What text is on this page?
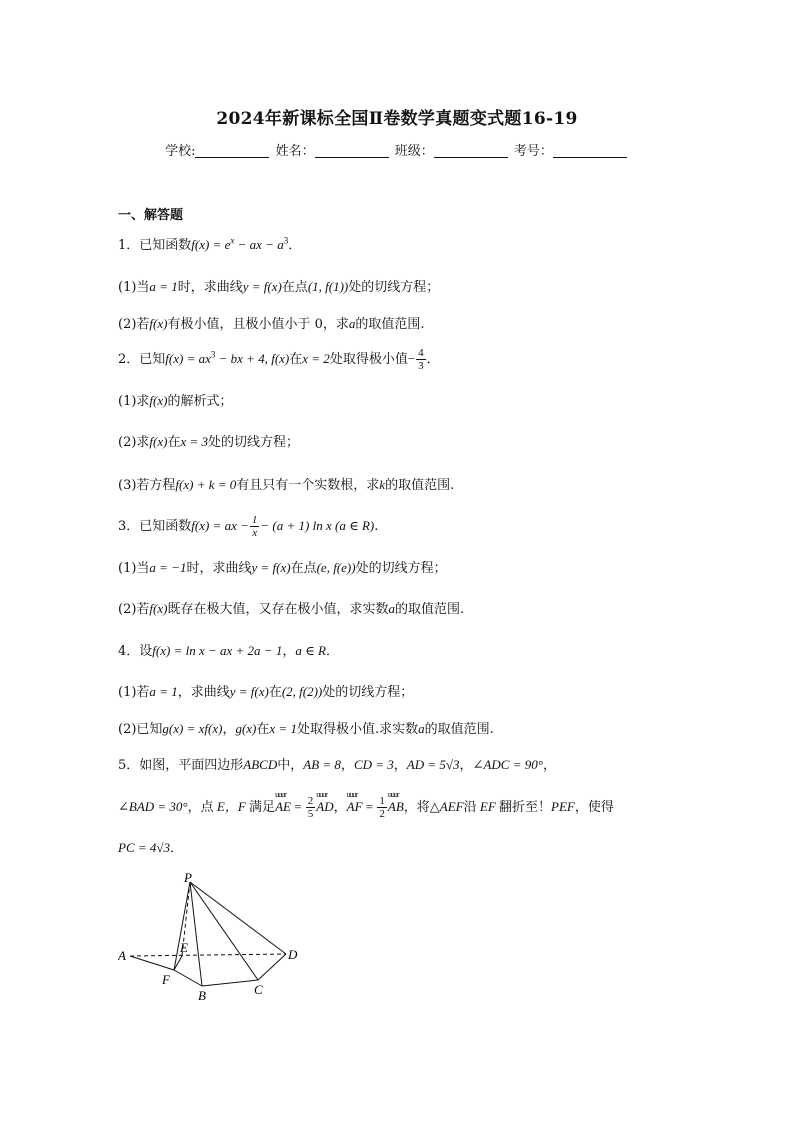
2024年新课标全国Ⅱ卷数学真题变式题16-19
学校:	姓名：	班级：	考号：
一、解答题
1．已知函数$f(x) = e^x$ − ax − $a^3$．
(1)当a = 1时，求曲线y = f(x)在点(1, f(1))处的切线方程；
(2)若f(x)有极小值，且极小值小于 0，求a的取值范围.
2．已知$f(x) = ax^3$ − bx + 4, f(x)在x = 2处取得极小值− $\frac{4}{3}$ ．
(1)求f(x)的解析式；
(2)求f(x)在x = 3处的切线方程；
(3)若方程f(x) + k = 0有且只有一个实数根，求k的取值范围.
3．已知函数f(x) = ax − $\frac{1}{x} - (a + 1)$ ln x (a ∈ R).
(1)当a = −1时，求曲线y = f(x)在点(e, f(e))处的切线方程；
(2)若f(x)既存在极大值，又存在极小值，求实数a的取值范围.
4．设f(x) = ln x − ax + 2a − 1，a ∈ R．
(1)若a = 1，求曲线y = f(x)在(2, f(2))处的切线方程；
(2)已知g(x) = xf(x)，g(x)在x = 1处取得极小值.求实数a的取值范围.
5．如图，平面四边形ABCD中，AB = 8，CD = 3，AD = 5√3，∠ADC = 90°，
∠BAD = 30°，点 E，F 满足uuur AE = $\frac{2}{5}$ uuur AD，uuur AF = $\frac{1}{2}$ uuur AB，将△AEF沿 EF 翻折至！PEF，使得
PC = 4√3．
P
A
E	D
F
B	C
